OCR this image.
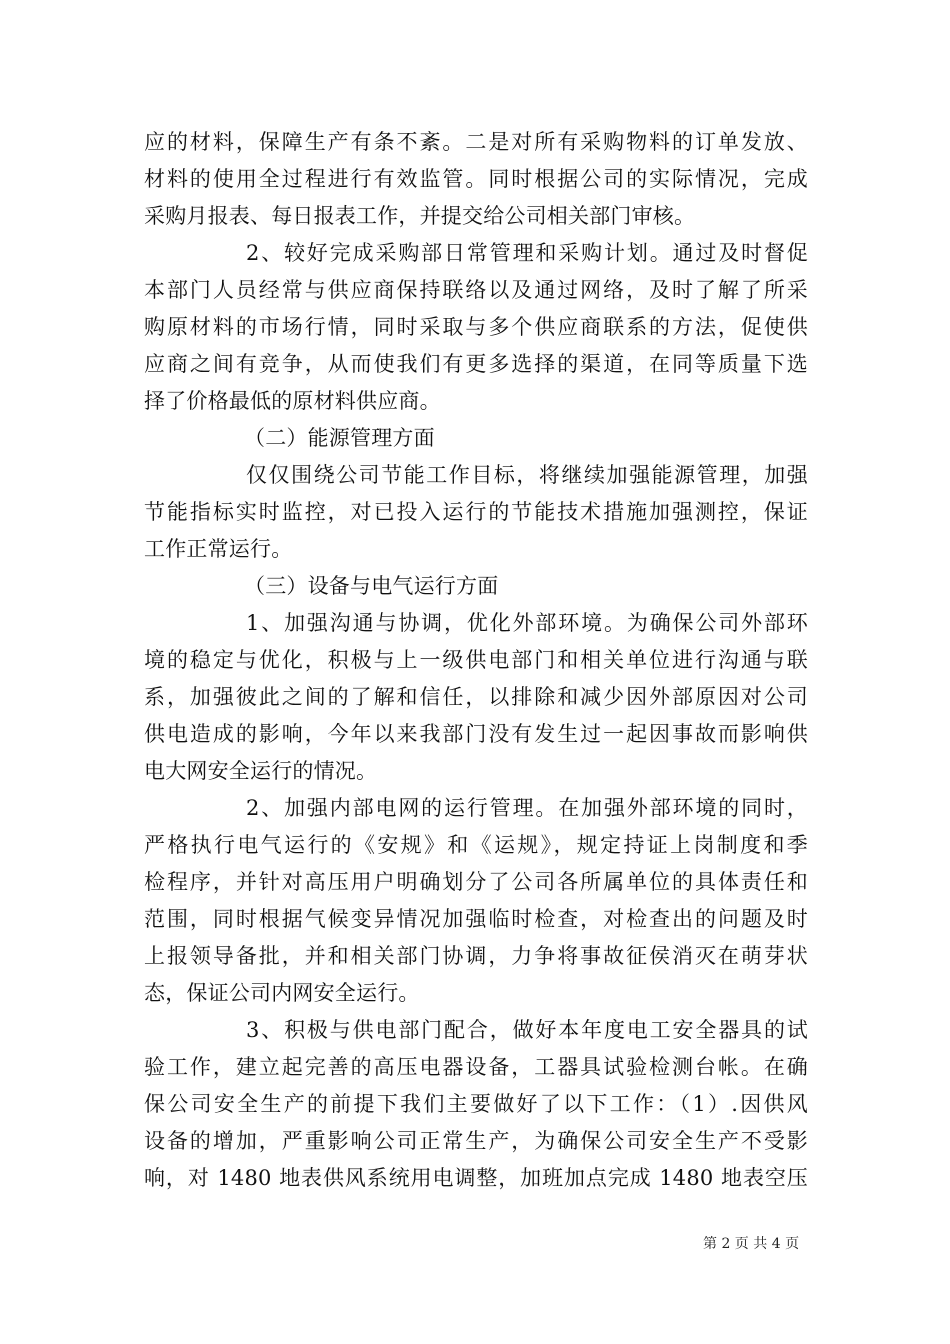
应的材料，保障生产有条不紊。二是对所有采购物料的订单发放、
材料的使用全过程进行有效监管。同时根据公司的实际情况，完成
采购月报表、每日报表工作，并提交给公司相关部门审核。
2、较好完成采购部日常管理和采购计划。通过及时督促
本部门人员经常与供应商保持联络以及通过网络，及时了解了所采
购原材料的市场行情，同时采取与多个供应商联系的方法，促使供
应商之间有竞争，从而使我们有更多选择的渠道，在同等质量下选
择了价格最低的原材料供应商。
（二）能源管理方面
仅仅围绕公司节能工作目标，将继续加强能源管理，加强
节能指标实时监控，对已投入运行的节能技术措施加强测控，保证
工作正常运行。
（三）设备与电气运行方面
1、加强沟通与协调，优化外部环境。为确保公司外部环
境的稳定与优化，积极与上一级供电部门和相关单位进行沟通与联
系，加强彼此之间的了解和信任，以排除和减少因外部原因对公司
供电造成的影响，今年以来我部门没有发生过一起因事故而影响供
电大网安全运行的情况。
2、加强内部电网的运行管理。在加强外部环境的同时，
严格执行电气运行的《安规》和《运规》，规定持证上岗制度和季
检程序，并针对高压用户明确划分了公司各所属单位的具体责任和
范围，同时根据气候变异情况加强临时检查，对检查出的问题及时
上报领导备批，并和相关部门协调，力争将事故征侯消灭在萌芽状
态，保证公司内网安全运行。
3、积极与供电部门配合，做好本年度电工安全器具的试
验工作，建立起完善的高压电器设备，工器具试验检测台帐。在确
保公司安全生产的前提下我们主要做好了以下工作：（1）.因供风
设备的增加，严重影响公司正常生产，为确保公司安全生产不受影
响，对 1480 地表供风系统用电调整，加班加点完成 1480 地表空压
第 2 页 共 4 页
